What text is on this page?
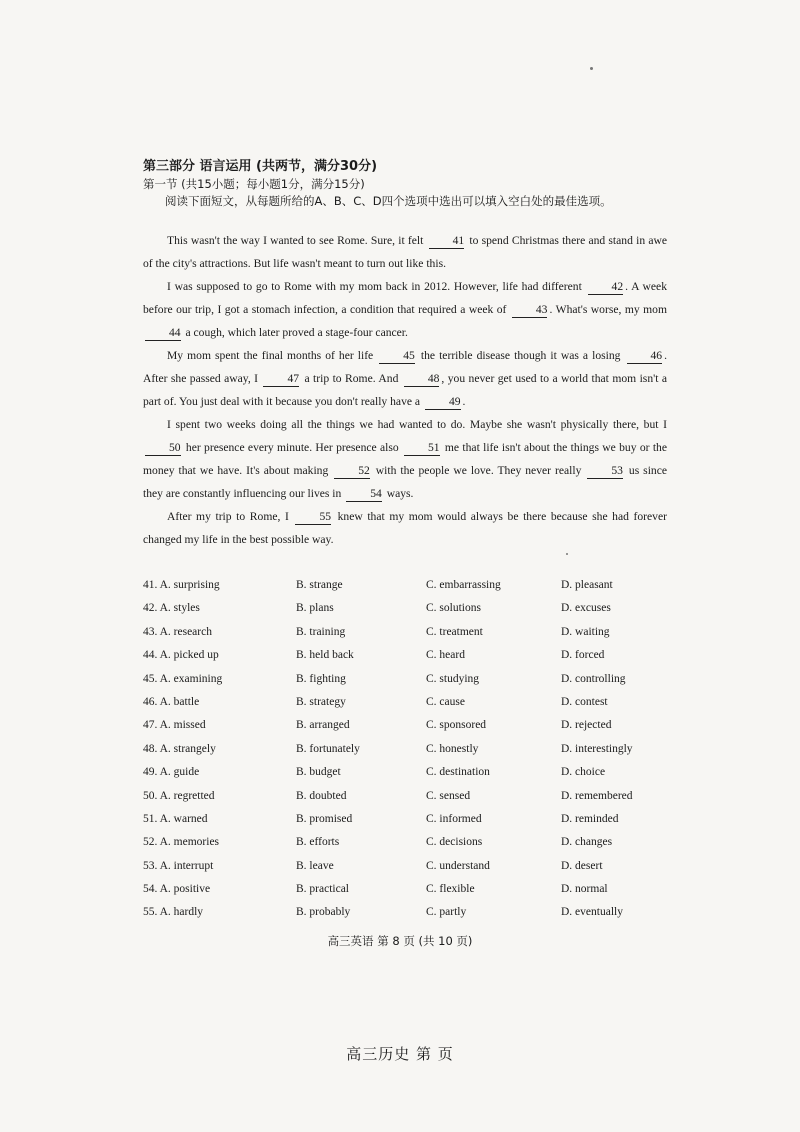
第三部分 语言运用 (共两节，满分30分)

第一节 (共15小题；每小题1分，满分15分)

阅读下面短文，从每题所给的A、B、C、D四个选项中选出可以填入空白处的最佳选项。

This wasn't the way I wanted to see Rome. Sure, it felt 41 to spend Christmas there and stand in awe of the city's attractions. But life wasn't meant to turn out like this.

I was supposed to go to Rome with my mom back in 2012. However, life had different 42 . A week before our trip, I got a stomach infection, a condition that required a week of 43 . What's worse, my mom 44 a cough, which later proved a stage-four cancer.

My mom spent the final months of her life 45 the terrible disease though it was a losing 46 . After she passed away, I 47 a trip to Rome. And 48 , you never get used to a world that mom isn't a part of. You just deal with it because you don't really have a 49 .

I spent two weeks doing all the things we had wanted to do. Maybe she wasn't physically there, but I 50 her presence every minute. Her presence also 51 me that life isn't about the things we buy or the money that we have. It's about making 52 with the people we love. They never really 53 us since they are constantly influencing our lives in 54 ways.

After my trip to Rome, I 55 knew that my mom would always be there because she had forever changed my life in the best possible way.

41. A. surprising	B. strange	C. embarrassing	D. pleasant
42. A. styles	B. plans	C. solutions	D. excuses
43. A. research	B. training	C. treatment	D. waiting
44. A. picked up	B. held back	C. heard	D. forced
45. A. examining	B. fighting	C. studying	D. controlling
46. A. battle	B. strategy	C. cause	D. contest
47. A. missed	B. arranged	C. sponsored	D. rejected
48. A. strangely	B. fortunately	C. honestly	D. interestingly
49. A. guide	B. budget	C. destination	D. choice
50. A. regretted	B. doubted	C. sensed	D. remembered
51. A. warned	B. promised	C. informed	D. reminded
52. A. memories	B. efforts	C. decisions	D. changes
53. A. interrupt	B. leave	C. understand	D. desert
54. A. positive	B. practical	C. flexible	D. normal
55. A. hardly	B. probably	C. partly	D. eventually
高三英语 第 8 页 (共 10 页)
高三历史 第 页
